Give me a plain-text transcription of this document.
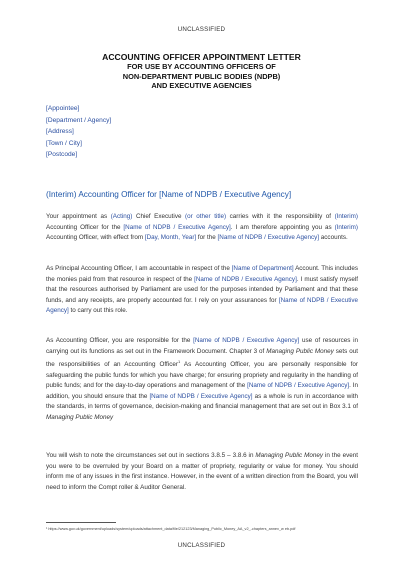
UNCLASSIFIED
ACCOUNTING OFFICER APPOINTMENT LETTER
FOR USE BY ACCOUNTING OFFICERS OF
NON-DEPARTMENT PUBLIC BODIES (NDPB)
AND EXECUTIVE AGENCIES
[Appointee]
[Department / Agency]
[Address]
[Town / City]
[Postcode]
(Interim) Accounting Officer for [Name of NDPB / Executive Agency]
Your appointment as (Acting) Chief Executive (or other title) carries with it the responsibility of (Interim) Accounting Officer for the [Name of NDPB / Executive Agency]. I am therefore appointing you as (Interim) Accounting Officer, with effect from [Day, Month, Year] for the [Name of NDPB / Executive Agency] accounts.
As Principal Accounting Officer, I am accountable in respect of the [Name of Department] Account. This includes the monies paid from that resource in respect of the [Name of NDPB / Executive Agency]. I must satisfy myself that the resources authorised by Parliament are used for the purposes intended by Parliament and that these funds, and any receipts, are properly accounted for. I rely on your assurances for [Name of NDPB / Executive Agency] to carry out this role.
As Accounting Officer, you are responsible for the [Name of NDPB / Executive Agency] use of resources in carrying out its functions as set out in the Framework Document. Chapter 3 of Managing Public Money sets out the responsibilities of an Accounting Officer$^1$ As Accounting Officer, you are personally responsible for safeguarding the public funds for which you have charge; for ensuring propriety and regularity in the handling of public funds; and for the day-to-day operations and management of the [Name of NDPB / Executive Agency]. In addition, you should ensure that the [Name of NDPB / Executive Agency] as a whole is run in accordance with the standards, in terms of governance, decision-making and financial management that are set out in Box 3.1 of Managing Public Money
You will wish to note the circumstances set out in sections 3.8.5 – 3.8.6 in Managing Public Money in the event you were to be overruled by your Board on a matter of propriety, regularity or value for money. You should inform me of any issues in the first instance. However, in the event of a written direction from the Board, you will need to inform the Compt roller & Auditor General.
¹ https://www.gov.uk/government/uploads/system/uploads/attachment_data/file/212123/Managing_Public_Money_AA_v2_-chapters_annex_w eb.pdf
UNCLASSIFIED
